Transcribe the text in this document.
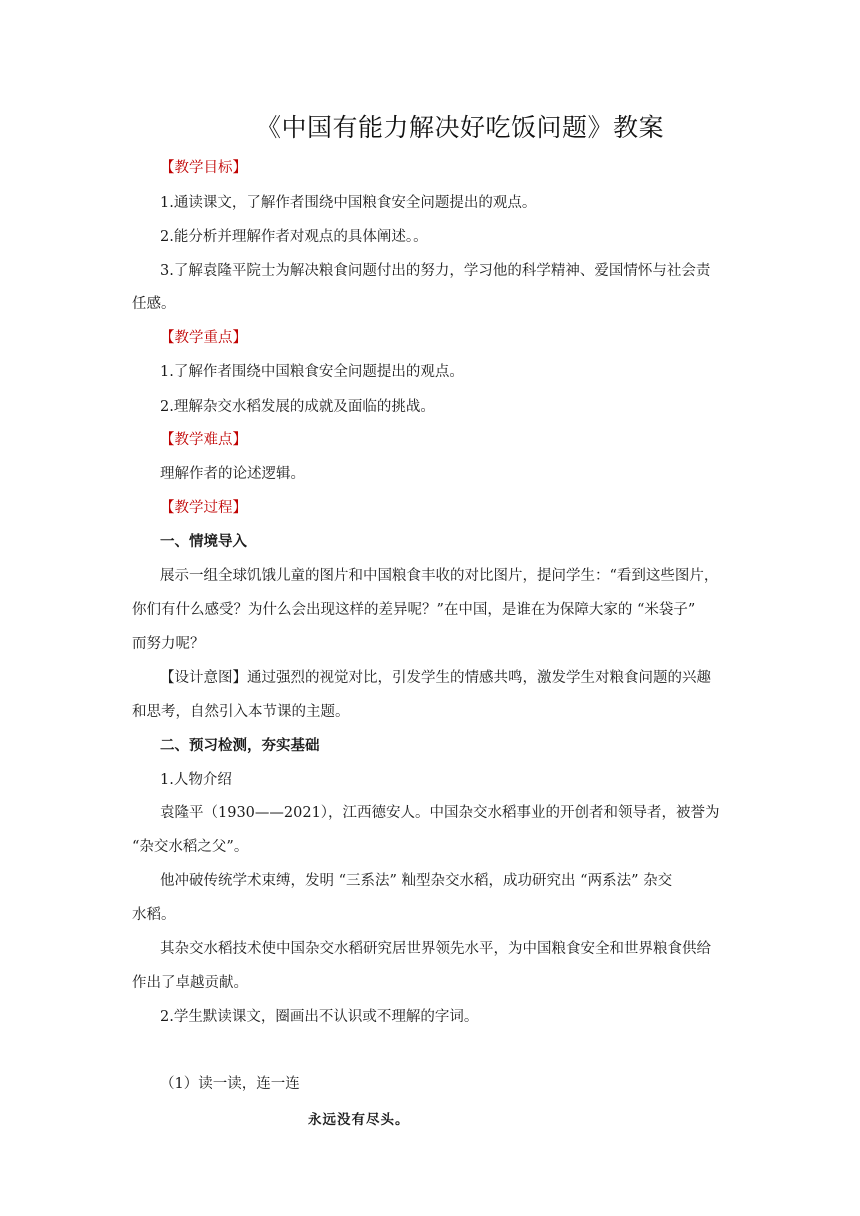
《中国有能力解决好吃饭问题》教案
【教学目标】
1.通读课文，了解作者围绕中国粮食安全问题提出的观点。
2.能分析并理解作者对观点的具体阐述。。
3.了解袁隆平院士为解决粮食问题付出的努力，学习他的科学精神、爱国情怀与社会责
任感。
【教学重点】
1.了解作者围绕中国粮食安全问题提出的观点。
2.理解杂交水稻发展的成就及面临的挑战。
【教学难点】
理解作者的论述逻辑。
【教学过程】
一、情境导入
展示一组全球饥饿儿童的图片和中国粮食丰收的对比图片，提问学生：“看到这些图片，
你们有什么感受？为什么会出现这样的差异呢？”在中国，是谁在为保障大家的 “米袋子”
而努力呢？
【设计意图】通过强烈的视觉对比，引发学生的情感共鸣，激发学生对粮食问题的兴趣
和思考，自然引入本节课的主题。
二、预习检测，夯实基础
1.人物介绍
袁隆平（1930——2021），江西德安人。中国杂交水稻事业的开创者和领导者，被誉为
“杂交水稻之父”。
他冲破传统学术束缚，发明 “三系法” 籼型杂交水稻，成功研究出 “两系法” 杂交
水稻。
其杂交水稻技术使中国杂交水稻研究居世界领先水平，为中国粮食安全和世界粮食供给
作出了卓越贡献。
2.学生默读课文，圈画出不认识或不理解的字词。
（1）读一读，连一连
永远没有尽头。
